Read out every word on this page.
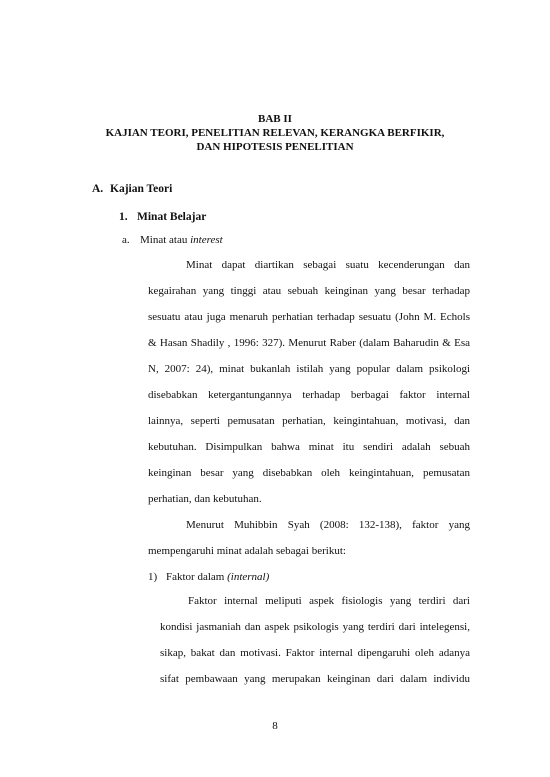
BAB II
KAJIAN TEORI, PENELITIAN RELEVAN, KERANGKA BERFIKIR,
DAN HIPOTESIS PENELITIAN
A. Kajian Teori
1. Minat Belajar
a. Minat atau interest
Minat dapat diartikan sebagai suatu kecenderungan dan
kegairahan yang tinggi atau sebuah keinginan yang besar terhadap
sesuatu atau juga menaruh perhatian terhadap sesuatu (John M. Echols
& Hasan Shadily , 1996: 327). Menurut Raber (dalam Baharudin & Esa
N, 2007: 24), minat bukanlah istilah yang popular dalam psikologi
disebabkan ketergantungannya terhadap berbagai faktor internal
lainnya, seperti pemusatan perhatian, keingintahuan, motivasi, dan
kebutuhan. Disimpulkan bahwa minat itu sendiri adalah sebuah
keinginan besar yang disebabkan oleh keingintahuan, pemusatan
perhatian, dan kebutuhan.
Menurut Muhibbin Syah (2008: 132-138), faktor yang
mempengaruhi minat adalah sebagai berikut:
1) Faktor dalam (internal)
Faktor internal meliputi aspek fisiologis yang terdiri dari
kondisi jasmaniah dan aspek psikologis yang terdiri dari intelegensi,
sikap, bakat dan motivasi. Faktor internal dipengaruhi oleh adanya
sifat pembawaan yang merupakan keinginan dari dalam individu
8
